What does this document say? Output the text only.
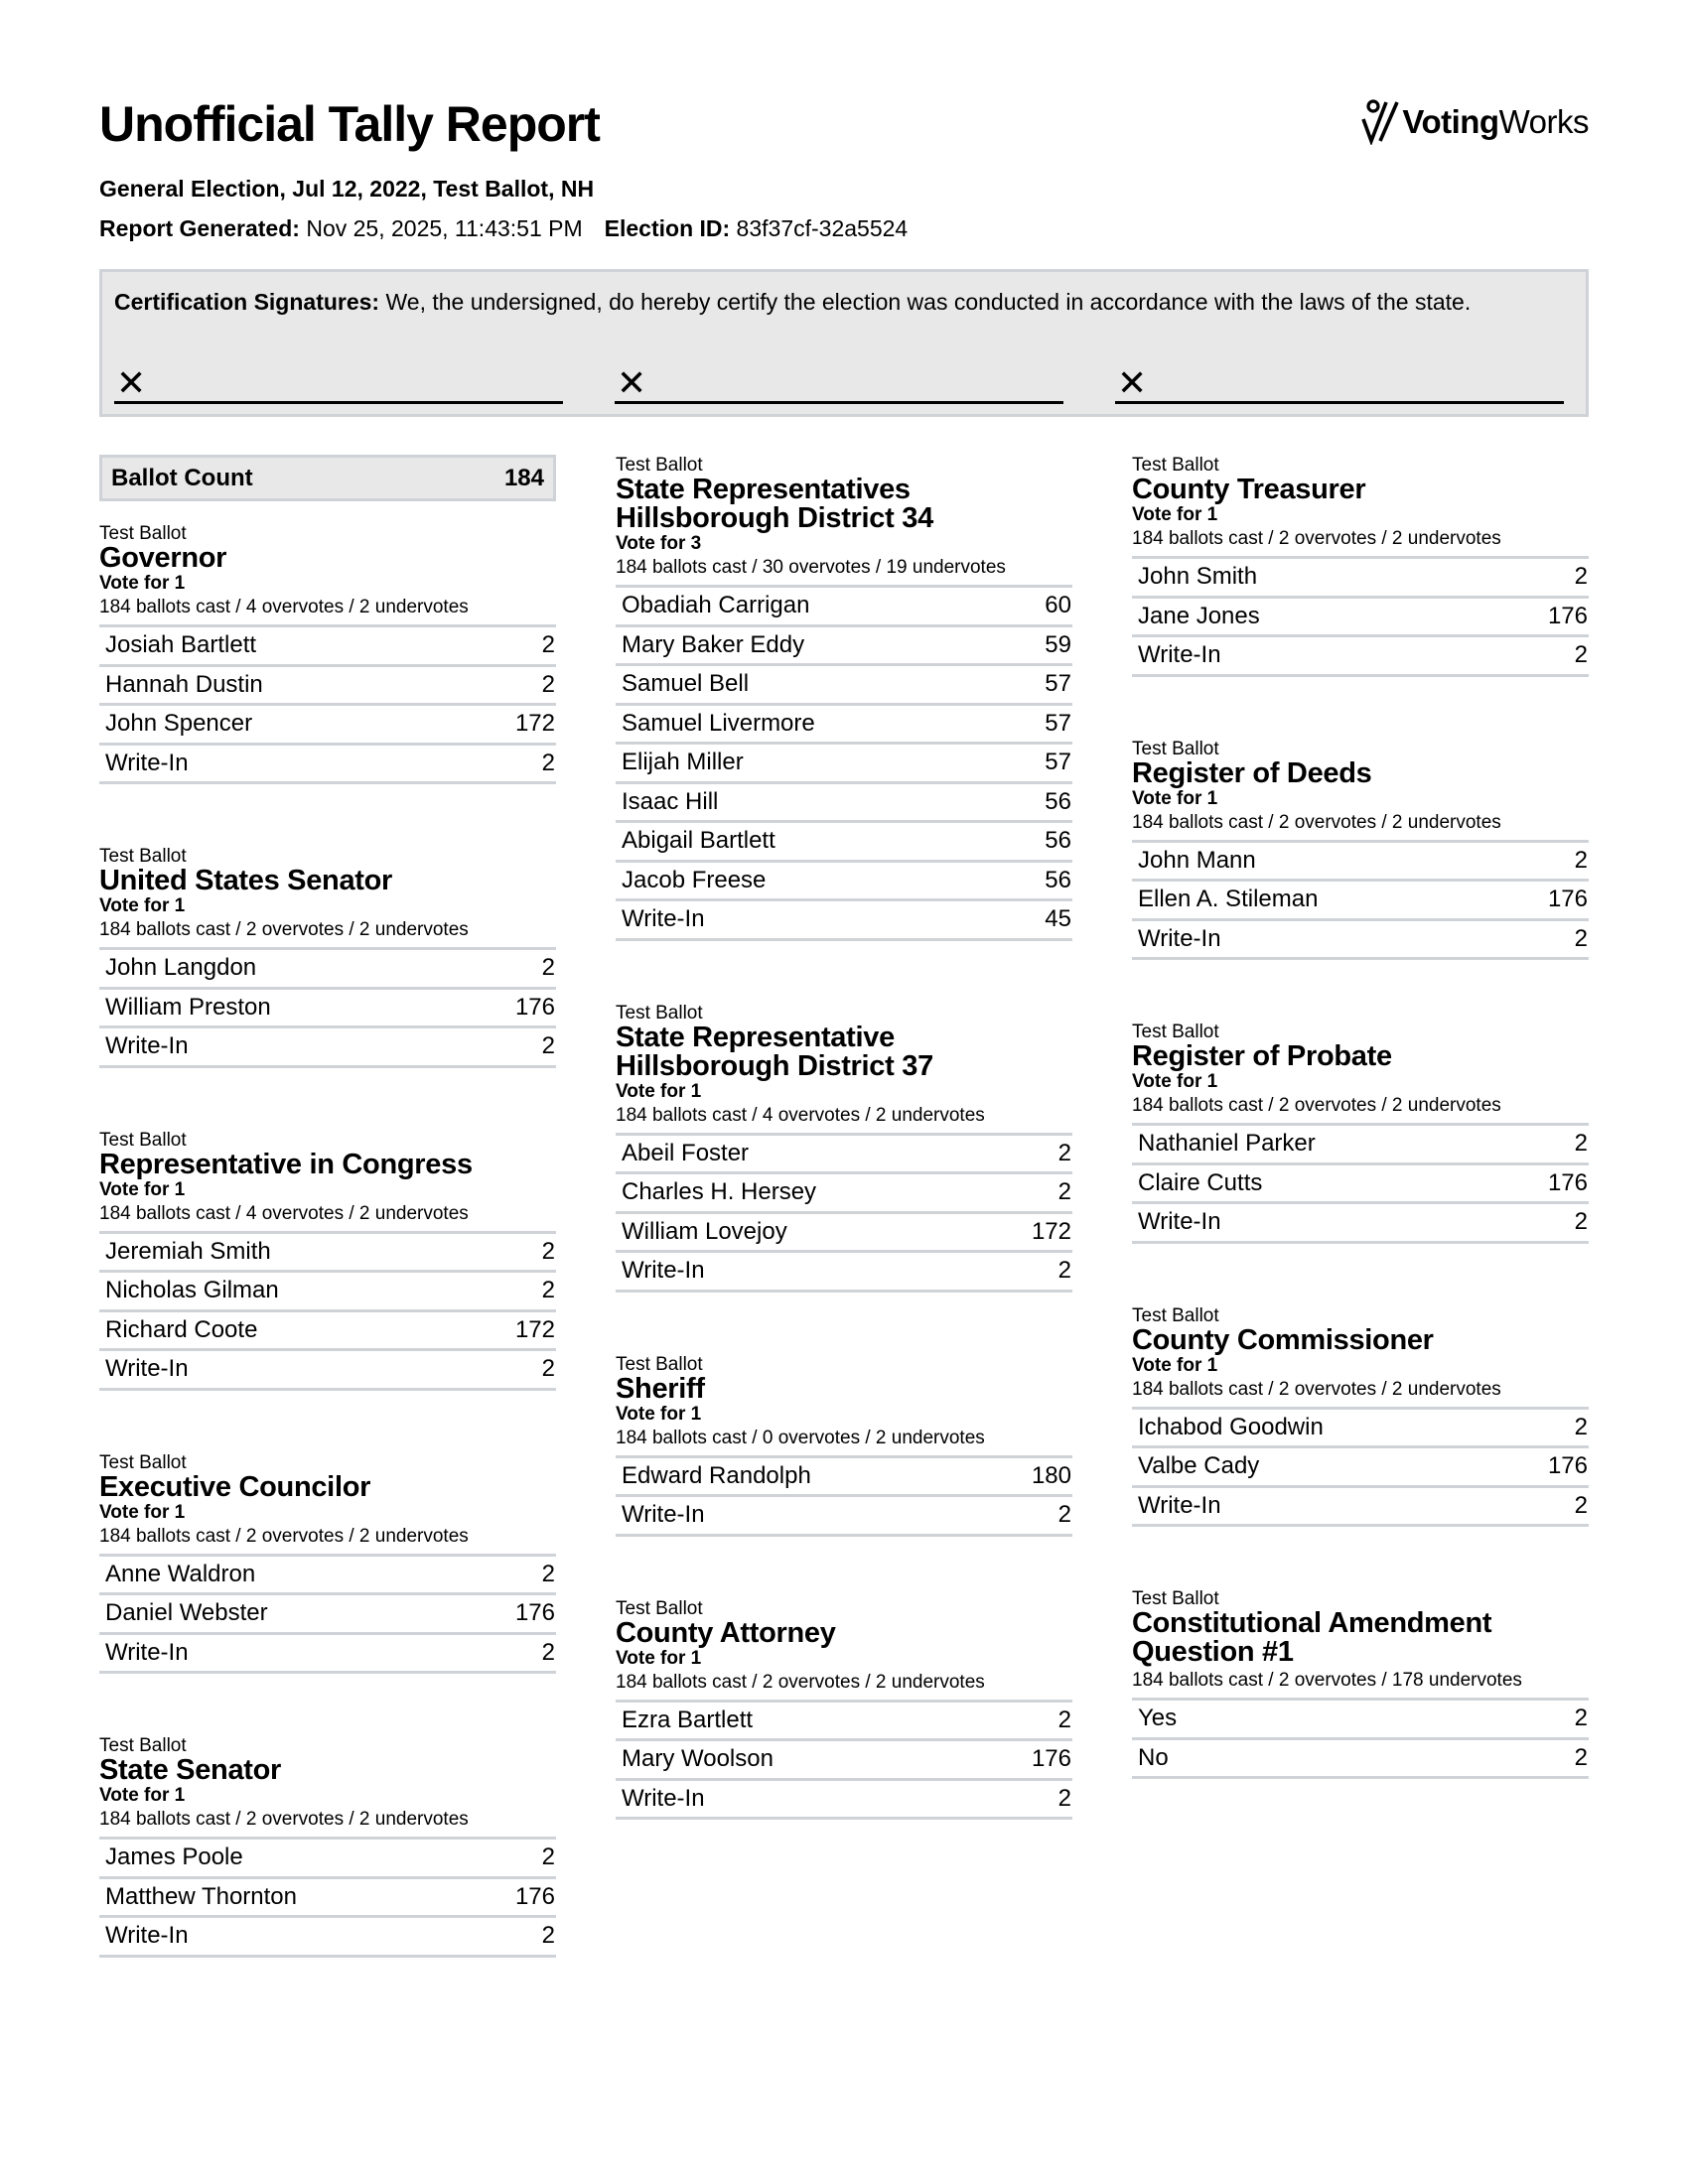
Unofficial Tally Report
General Election, Jul 12, 2022, Test Ballot, NH
Report Generated: Nov 25, 2025, 11:43:51 PM Election ID: 83f37cf-32a5524
VotingWorks
Certification Signatures: We, the undersigned, do hereby certify the election was conducted in accordance with the laws of the state.
✕	✕	✕
Ballot Count	184
Test Ballot
Governor
Vote for 1
184 ballots cast / 4 overvotes / 2 undervotes
Josiah Bartlett	2
Hannah Dustin	2
John Spencer	172
Write-In	2
Test Ballot
United States Senator
Vote for 1
184 ballots cast / 2 overvotes / 2 undervotes
John Langdon	2
William Preston	176
Write-In	2
Test Ballot
Representative in Congress
Vote for 1
184 ballots cast / 4 overvotes / 2 undervotes
Jeremiah Smith	2
Nicholas Gilman	2
Richard Coote	172
Write-In	2
Test Ballot
Executive Councilor
Vote for 1
184 ballots cast / 2 overvotes / 2 undervotes
Anne Waldron	2
Daniel Webster	176
Write-In	2
Test Ballot
State Senator
Vote for 1
184 ballots cast / 2 overvotes / 2 undervotes
James Poole	2
Matthew Thornton	176
Write-In	2
Test Ballot
State Representatives Hillsborough District 34
Vote for 3
184 ballots cast / 30 overvotes / 19 undervotes
Obadiah Carrigan	60
Mary Baker Eddy	59
Samuel Bell	57
Samuel Livermore	57
Elijah Miller	57
Isaac Hill	56
Abigail Bartlett	56
Jacob Freese	56
Write-In	45
Test Ballot
State Representative Hillsborough District 37
Vote for 1
184 ballots cast / 4 overvotes / 2 undervotes
Abeil Foster	2
Charles H. Hersey	2
William Lovejoy	172
Write-In	2
Test Ballot
Sheriff
Vote for 1
184 ballots cast / 0 overvotes / 2 undervotes
Edward Randolph	180
Write-In	2
Test Ballot
County Attorney
Vote for 1
184 ballots cast / 2 overvotes / 2 undervotes
Ezra Bartlett	2
Mary Woolson	176
Write-In	2
Test Ballot
County Treasurer
Vote for 1
184 ballots cast / 2 overvotes / 2 undervotes
John Smith	2
Jane Jones	176
Write-In	2
Test Ballot
Register of Deeds
Vote for 1
184 ballots cast / 2 overvotes / 2 undervotes
John Mann	2
Ellen A. Stileman	176
Write-In	2
Test Ballot
Register of Probate
Vote for 1
184 ballots cast / 2 overvotes / 2 undervotes
Nathaniel Parker	2
Claire Cutts	176
Write-In	2
Test Ballot
County Commissioner
Vote for 1
184 ballots cast / 2 overvotes / 2 undervotes
Ichabod Goodwin	2
Valbe Cady	176
Write-In	2
Test Ballot
Constitutional Amendment Question #1
184 ballots cast / 2 overvotes / 178 undervotes
Yes	2
No	2
